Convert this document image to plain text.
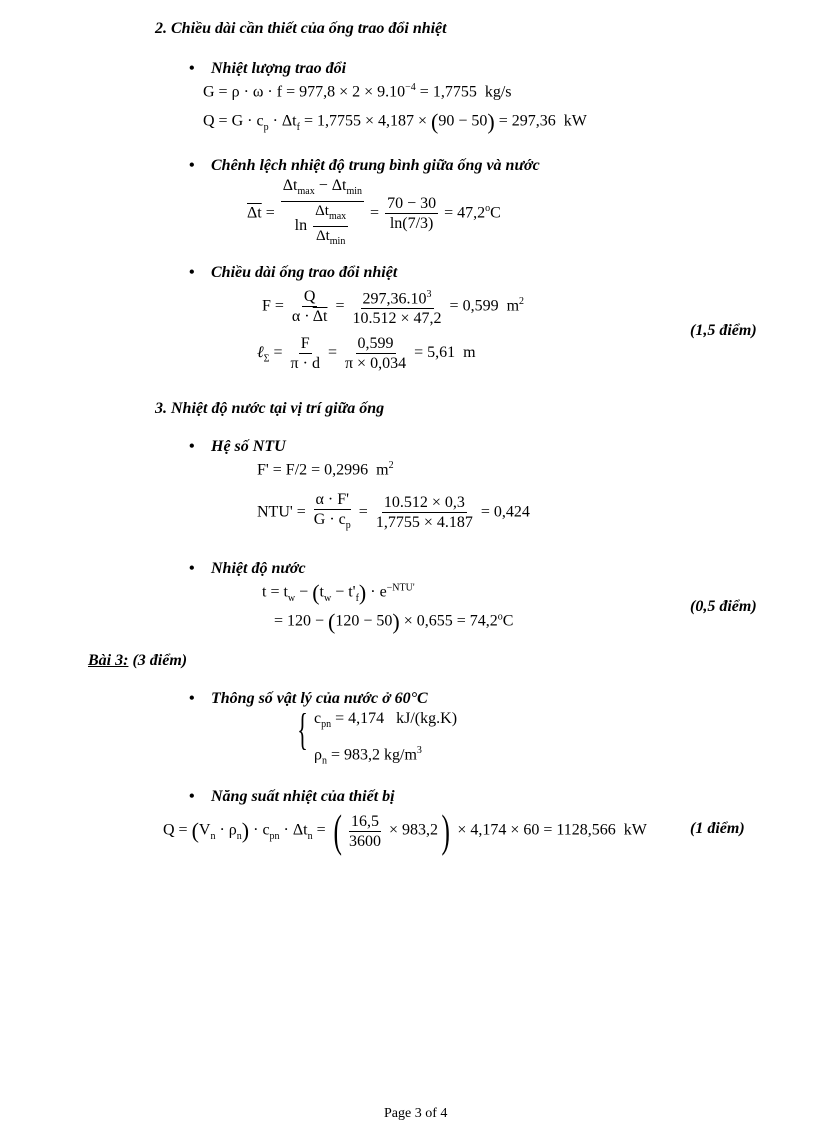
2. Chiều dài cần thiết của ống trao đổi nhiệt
• Nhiệt lượng trao đổi
$G = \rho \cdot \omega \cdot f = 977,8 \times 2 \times 9.10^{-4} = 1,7755$  kg/s
$Q = G \cdot c_p \cdot \Delta t_f = 1,7755 \times 4,187 \times (90 - 50) = 297,36$  kW
• Chênh lệch nhiệt độ trung bình giữa ống và nước
$\overline{\Delta t} = \frac{\Delta t_{max} - \Delta t_{min}}{\ln \frac{\Delta t_{max}}{\Delta t_{min}}} = \frac{70 - 30}{\ln(7/3)} = 47,2^oC$
• Chiều dài ống trao đổi nhiệt
$F = \frac{Q}{\alpha \cdot \overline{\Delta t}} = \frac{297,36.10^3}{10.512 \times 47,2} = 0,599$  $m^2$
ℓ$_\Sigma$ = $\frac{F}{\pi \cdot d} = \frac{0,599}{\pi \times 0,034} = 5,61$  m
(1,5 điểm)
3. Nhiệt độ nước tại vị trí giữa ống
• Hệ số NTU
F' = F/2 = 0,2996  $m^2$
$NTU' = \frac{\alpha \cdot F'}{G \cdot c_p} = \frac{10.512 \times 0,3}{1,7755 \times 4.187} = 0,424$
• Nhiệt độ nước
$t = t_w - (t_w - t'_f) \cdot e^{-NTU'}$
= $120 - (120 - 50) \times 0,655 = 74,2^oC$
(0,5 điểm)
Bài 3: (3 điểm)
• Thông số vật lý của nước ở 60°C
{ $c_{pn} = 4,174$   kJ/(kg.K)
$\rho_n = 983,2$ $kg/m^3$
• Năng suất nhiệt của thiết bị
$Q = (V_n \cdot \rho_n) \cdot c_{pn} \cdot \Delta t_n$ = ( $\frac{16,5}{3600} \times 983,2) \times 4,174 \times 60 = 1128,566$  kW	(1 điểm)
Page 3 of 4
